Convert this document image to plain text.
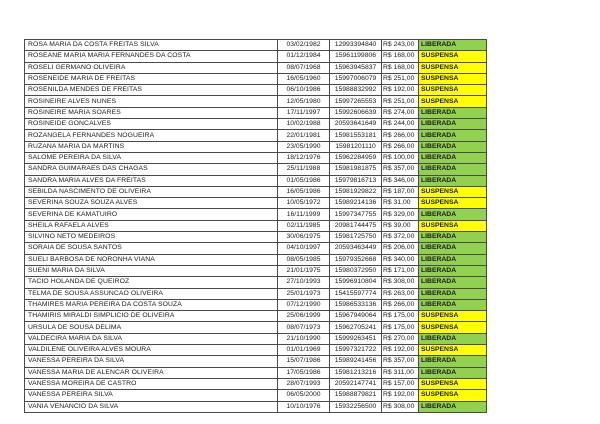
ROSA MARIA DA COSTA FREITAS SILVA	03/02/1982	12993394840	R$ 243,00	LIBERADA
ROSEANE MARIA MARIA FERNANDES DA COSTA	01/12/1984	15961199806	R$ 168,00	SUSPENSA
ROSELI GERMANO OLIVEIRA	08/07/1968	15963945837	R$ 168,00	SUSPENSA
ROSENEIDE MARIA DE FREITAS	16/05/1960	15997006079	R$ 251,00	SUSPENSA
ROSENILDA MENDES DE FREITAS	06/10/1986	15988832992	R$ 192,00	SUSPENSA
ROSINEIRE ALVES NUNES	12/05/1980	15997265553	R$ 251,00	SUSPENSA
ROSINEIRE MARIA SOARES	17/11/1997	15992606639	R$ 274,00	LIBERADA
ROSINEIDE GONCALVES	10/02/1988	20593641649	R$ 244,00	LIBERADA
ROZANGELA FERNANDES NOGUEIRA	22/01/1981	15981553181	R$ 266,00	LIBERADA
RUZANA MARIA DA MARTINS	23/05/1990	15981201110	R$ 266,00	LIBERADA
SALOME PEREIRA DA SILVA	18/12/1976	15962284959	R$ 100,00	LIBERADA
SANDRA GUIMARAES DAS CHAGAS	25/11/1988	15981981875	R$ 357,00	LIBERADA
SANDRA MARIA ALVES DA FREITAS	01/05/1986	15979816713	R$ 346,00	LIBERADA
SEBILDA NASCIMENTO DE OLIVEIRA	16/05/1986	15981929822	R$ 187,00	SUSPENSA
SEVERINA SOUZA SOUZA ALVES	10/05/1972	15989214136	R$ 31,00	SUSPENSA
SEVERINA DE KAMATUIRO	16/11/1999	15997347755	R$ 329,00	LIBERADA
SHEILA RAFAELA ALVES	02/11/1985	20981744475	R$ 39,00	SUSPENSA
SILVINO NETO MEDEIROS	30/06/1975	15981725750	R$ 372,00	LIBERADA
SORAIA DE SOUSA SANTOS	04/10/1997	20593463449	R$ 206,00	LIBERADA
SUELI BARBOSA DE NORONHA VIANA	08/05/1985	15979352668	R$ 340,00	LIBERADA
SUENI MARIA DA SILVA	21/01/1975	15980372950	R$ 171,00	LIBERADA
TACIO HOLANDA DE QUEIROZ	27/10/1993	15996910804	R$ 308,00	LIBERADA
TELMA DE SOUSA ASSUNCAO OLIVEIRA	25/01/1973	15415597774	R$ 263,00	LIBERADA
THAMIRES MARIA PEREIRA DA COSTA SOUZA	07/12/1990	15986533136	R$ 266,00	LIBERADA
THAMIRIS MIRALDI SIMPLICIO DE OLIVEIRA	25/06/1999	15967949064	R$ 175,00	SUSPENSA
URSULA DE SOUSA DELIMA	08/07/1973	15962705241	R$ 175,00	SUSPENSA
VALDECIRA MARIA DA SILVA	21/10/1990	15999263451	R$ 270,00	LIBERADA
VALDILENE OLIVEIRA ALVES MOURA	01/01/1969	15997321722	R$ 192,00	SUSPENSA
VANESSA PEREIRA DA SILVA	15/07/1986	15989241456	R$ 357,00	LIBERADA
VANESSA MARIA DE ALENCAR OLIVEIRA	17/05/1986	15981213216	R$ 311,00	LIBERADA
VANESSA MOREIRA DE CASTRO	28/07/1993	20592147741	R$ 157,00	SUSPENSA
VANESSA PEREIRA SILVA	06/05/2000	15988879821	R$ 192,00	SUSPENSA
VANIA VENANCIO DA SILVA	10/10/1976	15932256500	R$ 308,00	LIBERADA
